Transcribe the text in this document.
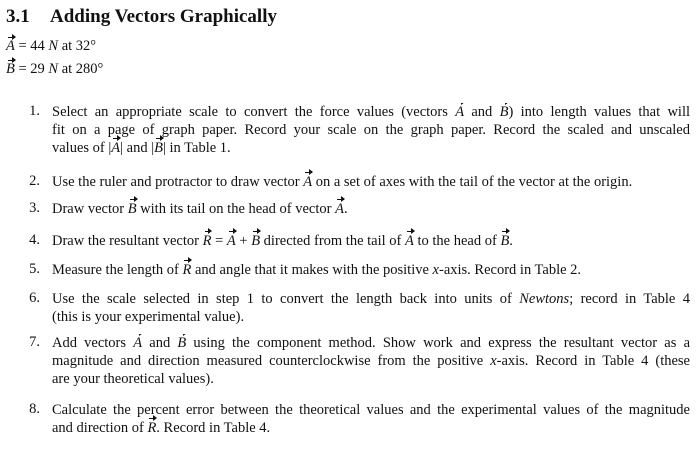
3.1 Adding Vectors Graphically
A = 44 N at 32°
B = 29 N at 280°
1. Select an appropriate scale to convert the force values (vectors A and B) into length values that will
fit on a page of graph paper. Record your scale on the graph paper. Record the scaled and unscaled
values of |A| and |B| in Table 1.
2. Use the ruler and protractor to draw vector A on a set of axes with the tail of the vector at the origin.
3. Draw vector B with its tail on the head of vector A.
4. Draw the resultant vector R = A + B directed from the tail of A to the head of B.
5. Measure the length of R and angle that it makes with the positive x-axis. Record in Table 2.
6. Use the scale selected in step 1 to convert the length back into units of Newtons; record in Table 4
(this is your experimental value).
7. Add vectors A and B using the component method. Show work and express the resultant vector as a
magnitude and direction measured counterclockwise from the positive x-axis. Record in Table 4 (these
are your theoretical values).
8. Calculate the percent error between the theoretical values and the experimental values of the magnitude
and direction of R. Record in Table 4.
